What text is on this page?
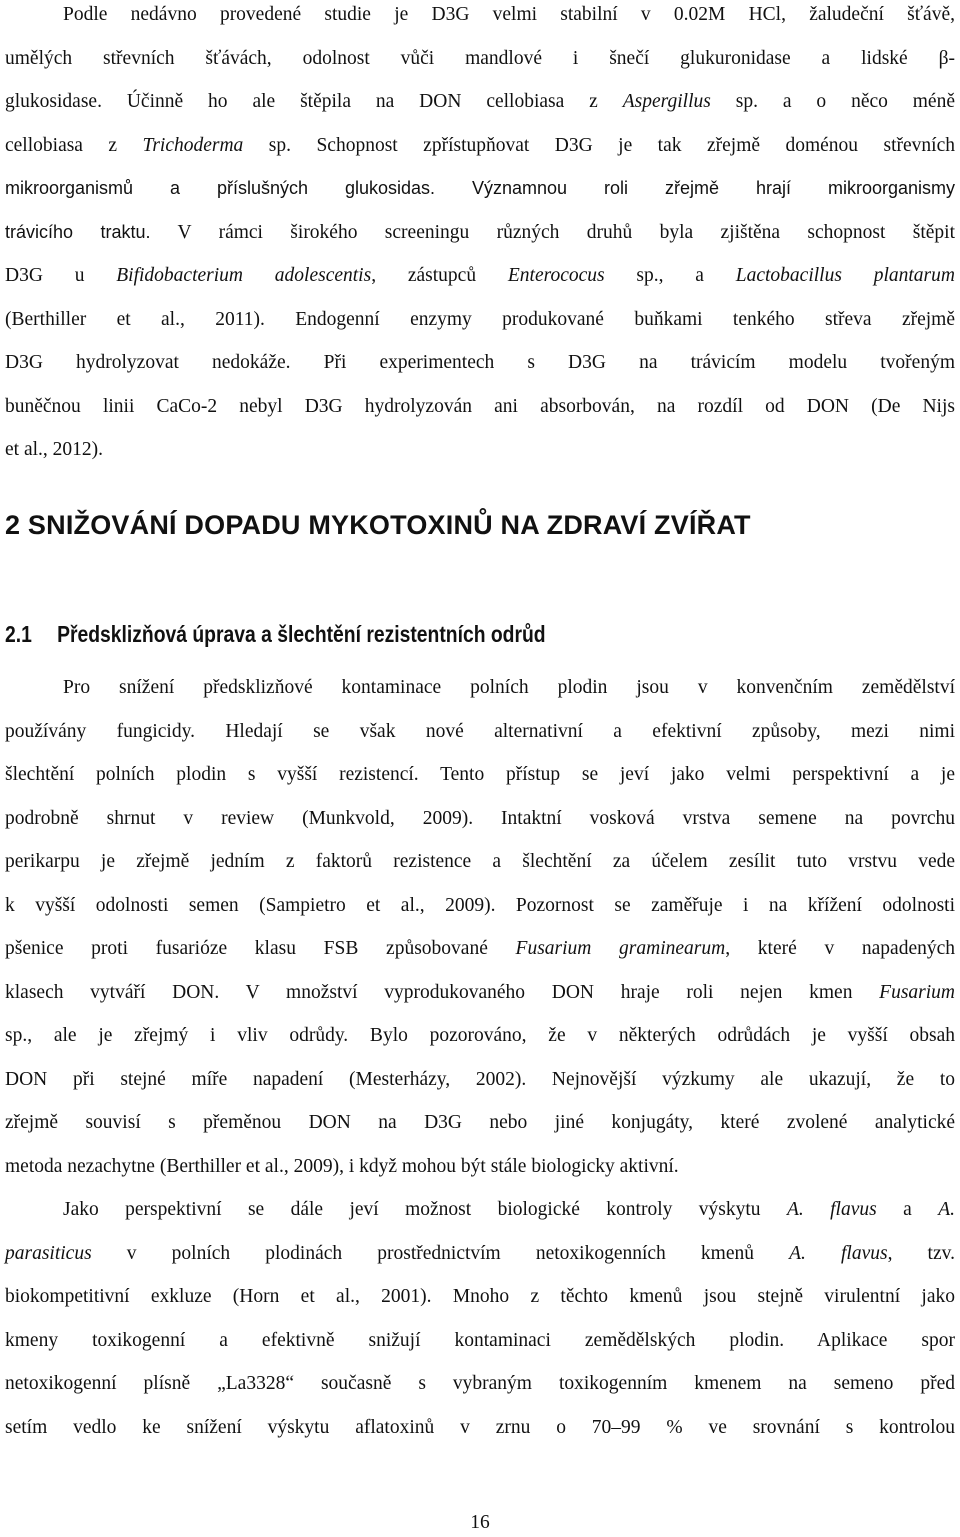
Podle nedávno provedené studie je D3G velmi stabilní v 0.02M HCl, žaludeční šťávě,
umělých střevních šťávách, odolnost vůči mandlové i šnečí glukuronidase a lidské β-
glukosidase. Účinně ho ale štěpila na DON cellobiasa z Aspergillus sp. a o něco méně
cellobiasa z Trichoderma sp. Schopnost zpřístupňovat D3G je tak zřejmě doménou střevních
mikroorganismů a příslušných glukosidas. Významnou roli zřejmě hrají mikroorganismy
trávicího traktu. V rámci širokého screeningu různých druhů byla zjištěna schopnost štěpit
D3G u Bifidobacterium adolescentis, zástupců Enterococus sp., a Lactobacillus plantarum
(Berthiller et al., 2011). Endogenní enzymy produkované buňkami tenkého střeva zřejmě
D3G hydrolyzovat nedokáže. Při experimentech s D3G na trávicím modelu tvořeným
buněčnou linii CaCo-2 nebyl D3G hydrolyzován ani absorbován, na rozdíl od DON (De Nijs
et al., 2012).
2 SNIŽOVÁNÍ DOPADU MYKOTOXINŮ NA ZDRAVÍ ZVÍŘAT
2.1 Předsklizňová úprava a šlechtění rezistentních odrůd
Pro snížení předsklizňové kontaminace polních plodin jsou v konvenčním zemědělství
používány fungicidy. Hledají se však nové alternativní a efektivní způsoby, mezi nimi
šlechtění polních plodin s vyšší rezistencí. Tento přístup se jeví jako velmi perspektivní a je
podrobně shrnut v review (Munkvold, 2009). Intaktní vosková vrstva semene na povrchu
perikarpu je zřejmě jedním z faktorů rezistence a šlechtění za účelem zesílit tuto vrstvu vede
k vyšší odolnosti semen (Sampietro et al., 2009). Pozornost se zaměřuje i na křížení odolnosti
pšenice proti fusarióze klasu FSB způsobované Fusarium graminearum, které v napadených
klasech vytváří DON. V množství vyprodukovaného DON hraje roli nejen kmen Fusarium
sp., ale je zřejmý i vliv odrůdy. Bylo pozorováno, že v některých odrůdách je vyšší obsah
DON při stejné míře napadení (Mesterházy, 2002). Nejnovější výzkumy ale ukazují, že to
zřejmě souvisí s přeměnou DON na D3G nebo jiné konjugáty, které zvolené analytické
metoda nezachytne (Berthiller et al., 2009), i když mohou být stále biologicky aktivní.
Jako perspektivní se dále jeví možnost biologické kontroly výskytu A. flavus a A.
parasiticus v polních plodinách prostřednictvím netoxikogenních kmenů A. flavus, tzv.
biokompetitivní exkluze (Horn et al., 2001). Mnoho z těchto kmenů jsou stejně virulentní jako
kmeny toxikogenní a efektivně snižují kontaminaci zemědělských plodin. Aplikace spor
netoxikogenní plísně „La3328“ současně s vybraným toxikogenním kmenem na semeno před
setím vedlo ke snížení výskytu aflatoxinů v zrnu o 70–99 % ve srovnání s kontrolou
16
